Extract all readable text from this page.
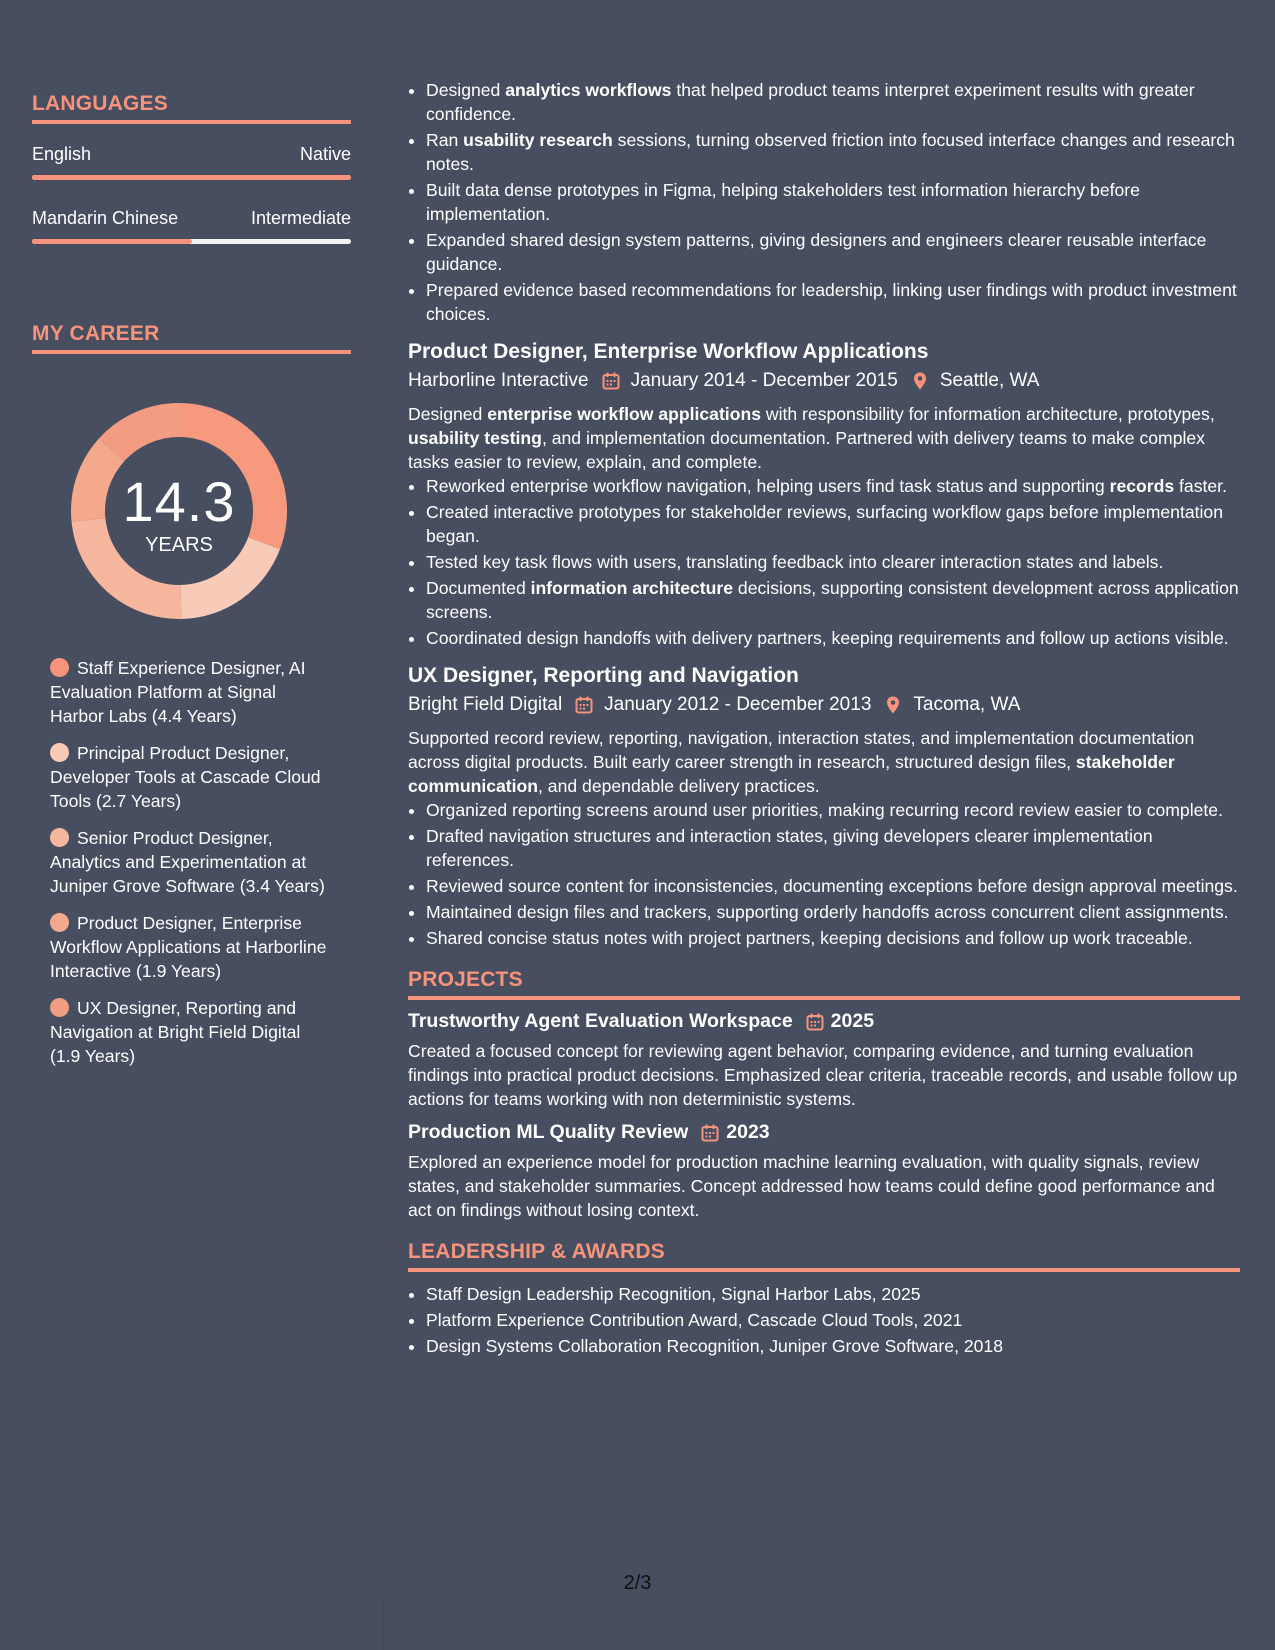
LANGUAGES
English	Native
Mandarin Chinese	Intermediate
MY CAREER
14.3
YEARS
Staff Experience Designer, AI Evaluation Platform at Signal Harbor Labs (4.4 Years)
Principal Product Designer, Developer Tools at Cascade Cloud Tools (2.7 Years)
Senior Product Designer, Analytics and Experimentation at Juniper Grove Software (3.4 Years)
Product Designer, Enterprise Workflow Applications at Harborline Interactive (1.9 Years)
UX Designer, Reporting and Navigation at Bright Field Digital (1.9 Years)
• Designed analytics workflows that helped product teams interpret experiment results with greater confidence.
• Ran usability research sessions, turning observed friction into focused interface changes and research notes.
• Built data dense prototypes in Figma, helping stakeholders test information hierarchy before implementation.
• Expanded shared design system patterns, giving designers and engineers clearer reusable interface guidance.
• Prepared evidence based recommendations for leadership, linking user findings with product investment choices.
Product Designer, Enterprise Workflow Applications
Harborline Interactive January 2014 - December 2015 Seattle, WA
Designed enterprise workflow applications with responsibility for information architecture, prototypes, usability testing, and implementation documentation. Partnered with delivery teams to make complex tasks easier to review, explain, and complete.
• Reworked enterprise workflow navigation, helping users find task status and supporting records faster.
• Created interactive prototypes for stakeholder reviews, surfacing workflow gaps before implementation began.
• Tested key task flows with users, translating feedback into clearer interaction states and labels.
• Documented information architecture decisions, supporting consistent development across application screens.
• Coordinated design handoffs with delivery partners, keeping requirements and follow up actions visible.
UX Designer, Reporting and Navigation
Bright Field Digital January 2012 - December 2013 Tacoma, WA
Supported record review, reporting, navigation, interaction states, and implementation documentation across digital products. Built early career strength in research, structured design files, stakeholder communication, and dependable delivery practices.
• Organized reporting screens around user priorities, making recurring record review easier to complete.
• Drafted navigation structures and interaction states, giving developers clearer implementation references.
• Reviewed source content for inconsistencies, documenting exceptions before design approval meetings.
• Maintained design files and trackers, supporting orderly handoffs across concurrent client assignments.
• Shared concise status notes with project partners, keeping decisions and follow up work traceable.
PROJECTS
Trustworthy Agent Evaluation Workspace 2025
Created a focused concept for reviewing agent behavior, comparing evidence, and turning evaluation findings into practical product decisions. Emphasized clear criteria, traceable records, and usable follow up actions for teams working with non deterministic systems.
Production ML Quality Review 2023
Explored an experience model for production machine learning evaluation, with quality signals, review states, and stakeholder summaries. Concept addressed how teams could define good performance and act on findings without losing context.
LEADERSHIP & AWARDS
• Staff Design Leadership Recognition, Signal Harbor Labs, 2025
• Platform Experience Contribution Award, Cascade Cloud Tools, 2021
• Design Systems Collaboration Recognition, Juniper Grove Software, 2018
2/3
